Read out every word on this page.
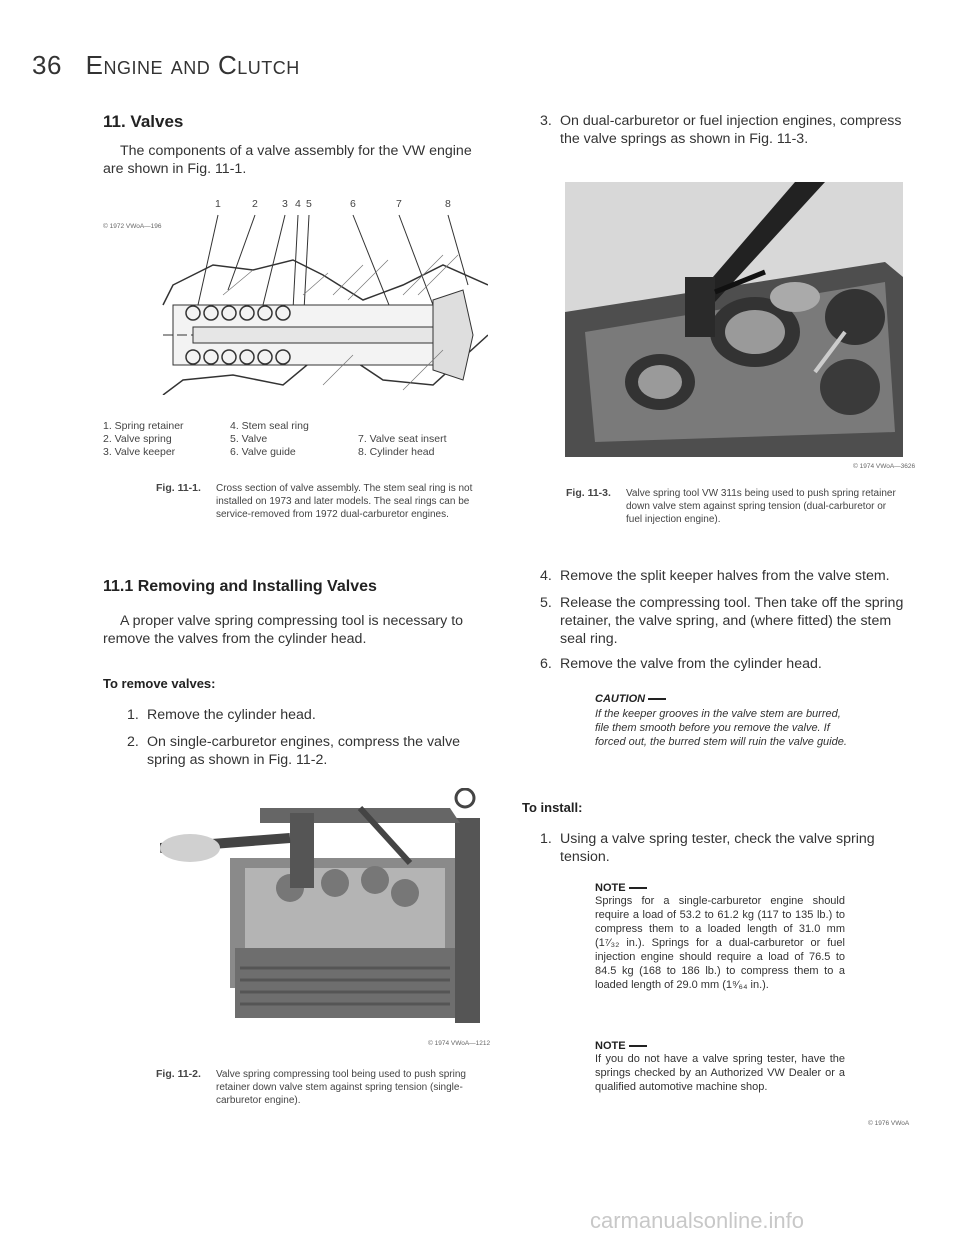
36 Engine and Clutch
11. Valves

The components of a valve assembly for the VW engine are shown in Fig. 11-1.

© 1972 VWoA—196
1	2 3 4 5	6	7	8
1. Spring retainer
2. Valve spring
3. Valve keeper
4. Stem seal ring
5. Valve
6. Valve guide
7. Valve seat insert
8. Cylinder head
Fig. 11-1. Cross section of valve assembly. The stem seal ring is not installed on 1973 and later models. The seal rings can be service-removed from 1972 dual-carburetor engines.
11.1 Removing and Installing Valves

A proper valve spring compressing tool is necessary to remove the valves from the cylinder head.

To remove valves:
1. Remove the cylinder head.
2. On single-carburetor engines, compress the valve spring as shown in Fig. 11-2.
© 1974 VWoA—1212
Fig. 11-2. Valve spring compressing tool being used to push spring retainer down valve stem against spring tension (single-carburetor engine).
3. On dual-carburetor or fuel injection engines, compress the valve springs as shown in Fig. 11-3.
© 1974 VWoA—3626
Fig. 11-3. Valve spring tool VW 311s being used to push spring retainer down valve stem against spring tension (dual-carburetor or fuel injection engine).
4. Remove the split keeper halves from the valve stem.
5. Release the compressing tool. Then take off the spring retainer, the valve spring, and (where fitted) the stem seal ring.
6. Remove the valve from the cylinder head.
CAUTION
If the keeper grooves in the valve stem are burred, file them smooth before you remove the valve. If forced out, the burred stem will ruin the valve guide.
To install:
1. Using a valve spring tester, check the valve spring tension.
NOTE
Springs for a single-carburetor engine should require a load of 53.2 to 61.2 kg (117 to 135 lb.) to compress them to a loaded length of 31.0 mm (1⁷⁄₃₂ in.). Springs for a dual-carburetor or fuel injection engine should require a load of 76.5 to 84.5 kg (168 to 186 lb.) to compress them to a loaded length of 29.0 mm (1⁹⁄₆₄ in.).
NOTE
If you do not have a valve spring tester, have the springs checked by an Authorized VW Dealer or a qualified automotive machine shop.
© 1976 VWoA
carmanualsonline.info
